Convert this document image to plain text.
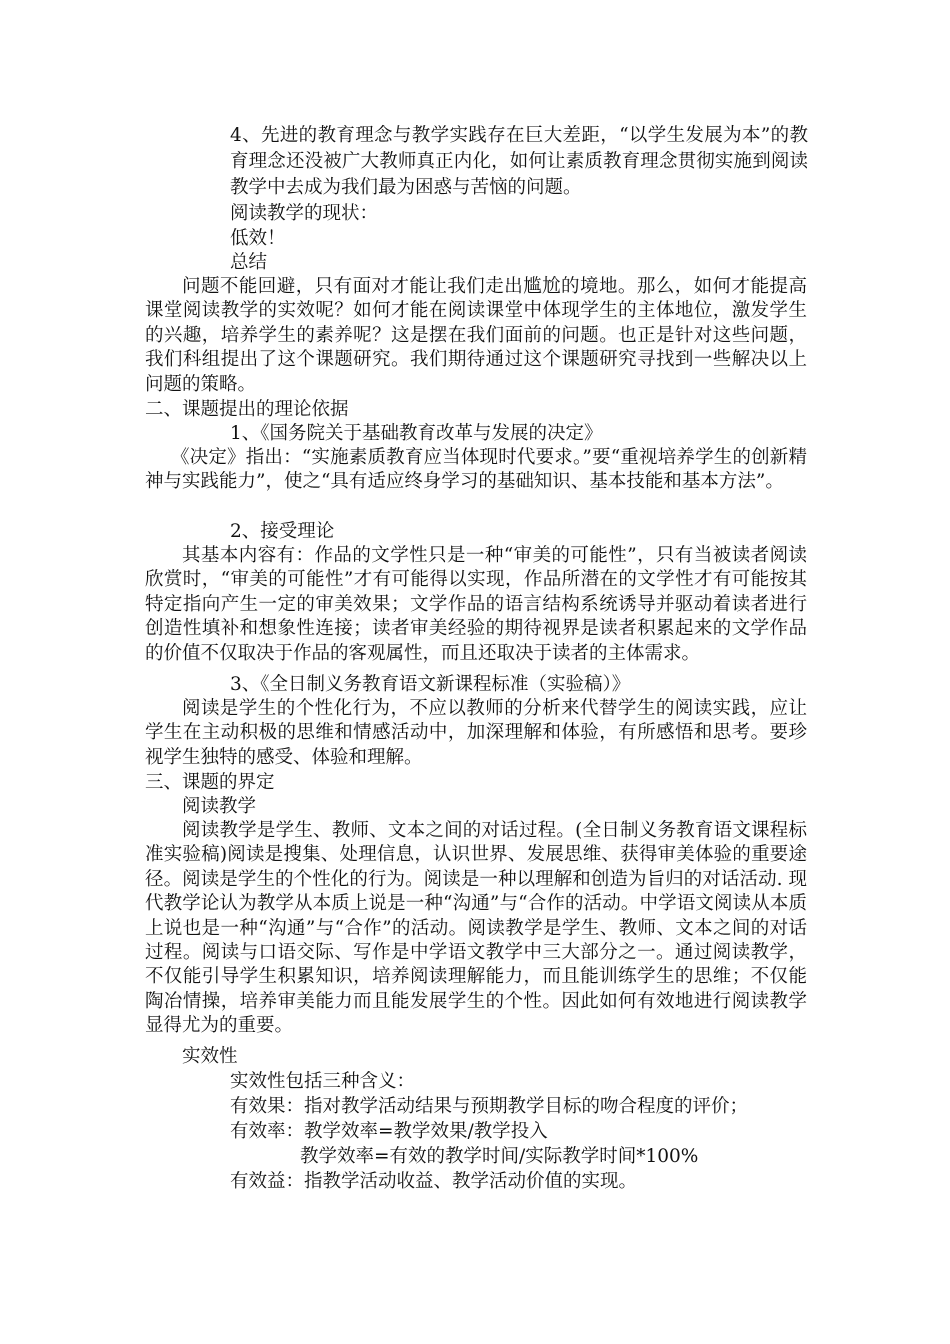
4、先进的教育理念与教学实践存在巨大差距，“以学生发展为本”的教育理念还没被广大教师真正内化，如何让素质教育理念贯彻实施到阅读教学中去成为我们最为困惑与苦恼的问题。

阅读教学的现状：
低效！
总结

问题不能回避，只有面对才能让我们走出尴尬的境地。那么，如何才能提高课堂阅读教学的实效呢？如何才能在阅读课堂中体现学生的主体地位，激发学生的兴趣，培养学生的素养呢？这是摆在我们面前的问题。也正是针对这些问题，我们科组提出了这个课题研究。我们期待通过这个课题研究寻找到一些解决以上问题的策略。

二、课题提出的理论依据
1、《国务院关于基础教育改革与发展的决定》

《决定》指出：“实施素质教育应当体现时代要求。”要“重视培养学生的创新精神与实践能力”，使之“具有适应终身学习的基础知识、基本技能和基本方法”。

2、接受理论

其基本内容有：作品的文学性只是一种“审美的可能性”，只有当被读者阅读欣赏时，“审美的可能性”才有可能得以实现，作品所潜在的文学性才有可能按其特定指向产生一定的审美效果；文学作品的语言结构系统诱导并驱动着读者进行创造性填补和想象性连接；读者审美经验的期待视界是读者积累起来的文学作品的价值不仅取决于作品的客观属性，而且还取决于读者的主体需求。

3、《全日制义务教育语文新课程标准（实验稿）》

阅读是学生的个性化行为，不应以教师的分析来代替学生的阅读实践，应让学生在主动积极的思维和情感活动中，加深理解和体验，有所感悟和思考。要珍视学生独特的感受、体验和理解。

三、课题的界定
阅读教学

阅读教学是学生、教师、文本之间的对话过程。(全日制义务教育语文课程标准实验稿)阅读是搜集、处理信息，认识世界、发展思维、获得审美体验的重要途径。阅读是学生的个性化的行为。阅读是一种以理解和创造为旨归的对话活动. 现代教学论认为教学从本质上说是一种“沟通”与“合作的活动。中学语文阅读从本质上说也是一种“沟通”与“合作”的活动。阅读教学是学生、教师、文本之间的对话过程。阅读与口语交际、写作是中学语文教学中三大部分之一。通过阅读教学，不仅能引导学生积累知识，培养阅读理解能力，而且能训练学生的思维；不仅能陶冶情操，培养审美能力而且能发展学生的个性。因此如何有效地进行阅读教学显得尤为的重要。

实效性
实效性包括三种含义：
有效果：指对教学活动结果与预期教学目标的吻合程度的评价；
有效率：教学效率=教学效果/教学投入
教学效率=有效的教学时间/实际教学时间*100%
有效益：指教学活动收益、教学活动价值的实现。
